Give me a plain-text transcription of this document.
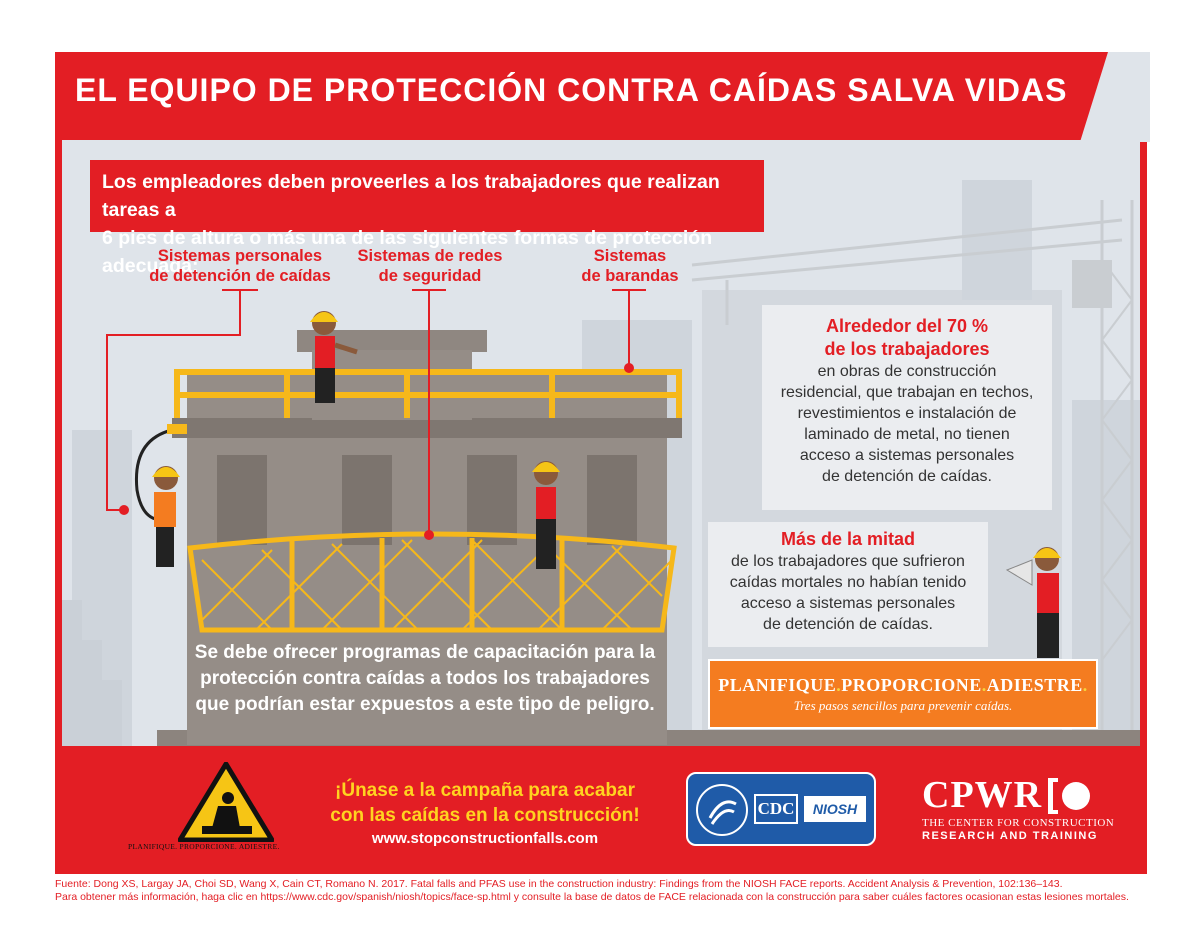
EL EQUIPO DE PROTECCIÓN CONTRA CAÍDAS SALVA VIDAS
Los empleadores deben proveerles a los trabajadores que realizan tareas a
6 pies de altura o más una de las siguientes formas de protección adecuada:
Sistemas personales
de detención de caídas
Sistemas de redes
de seguridad
Sistemas
de barandas
Alrededor del 70 %
de los trabajadores
en obras de construcción
residencial, que trabajan en techos,
revestimientos e instalación de
laminado de metal, no tienen
acceso a sistemas personales
de detención de caídas.
Más de la mitad
de los trabajadores que sufrieron
caídas mortales no habían tenido
acceso a sistemas personales
de detención de caídas.
Se debe ofrecer programas de capacitación para la protección contra caídas a todos los trabajadores que podrían estar expuestos a este tipo de peligro.
PLANIFIQUE.PROPORCIONE.ADIESTRE.
Tres pasos sencillos para prevenir caídas.
PLANIFIQUE. PROPORCIONE. ADIESTRE.
¡Únase a la campaña para acabar
con las caídas en la construcción!
www.stopconstructionfalls.com
CDC	NIOSH CPWR
THE CENTER FOR CONSTRUCTION
RESEARCH AND TRAINING
Fuente: Dong XS, Largay JA, Choi SD, Wang X, Cain CT, Romano N. 2017. Fatal falls and PFAS use in the construction industry: Findings from the NIOSH FACE reports. Accident Analysis & Prevention, 102:136–143.
Para obtener más información, haga clic en https://www.cdc.gov/spanish/niosh/topics/face-sp.html y consulte la base de datos de FACE relacionada con la construcción para saber cuáles factores ocasionan estas lesiones mortales.
